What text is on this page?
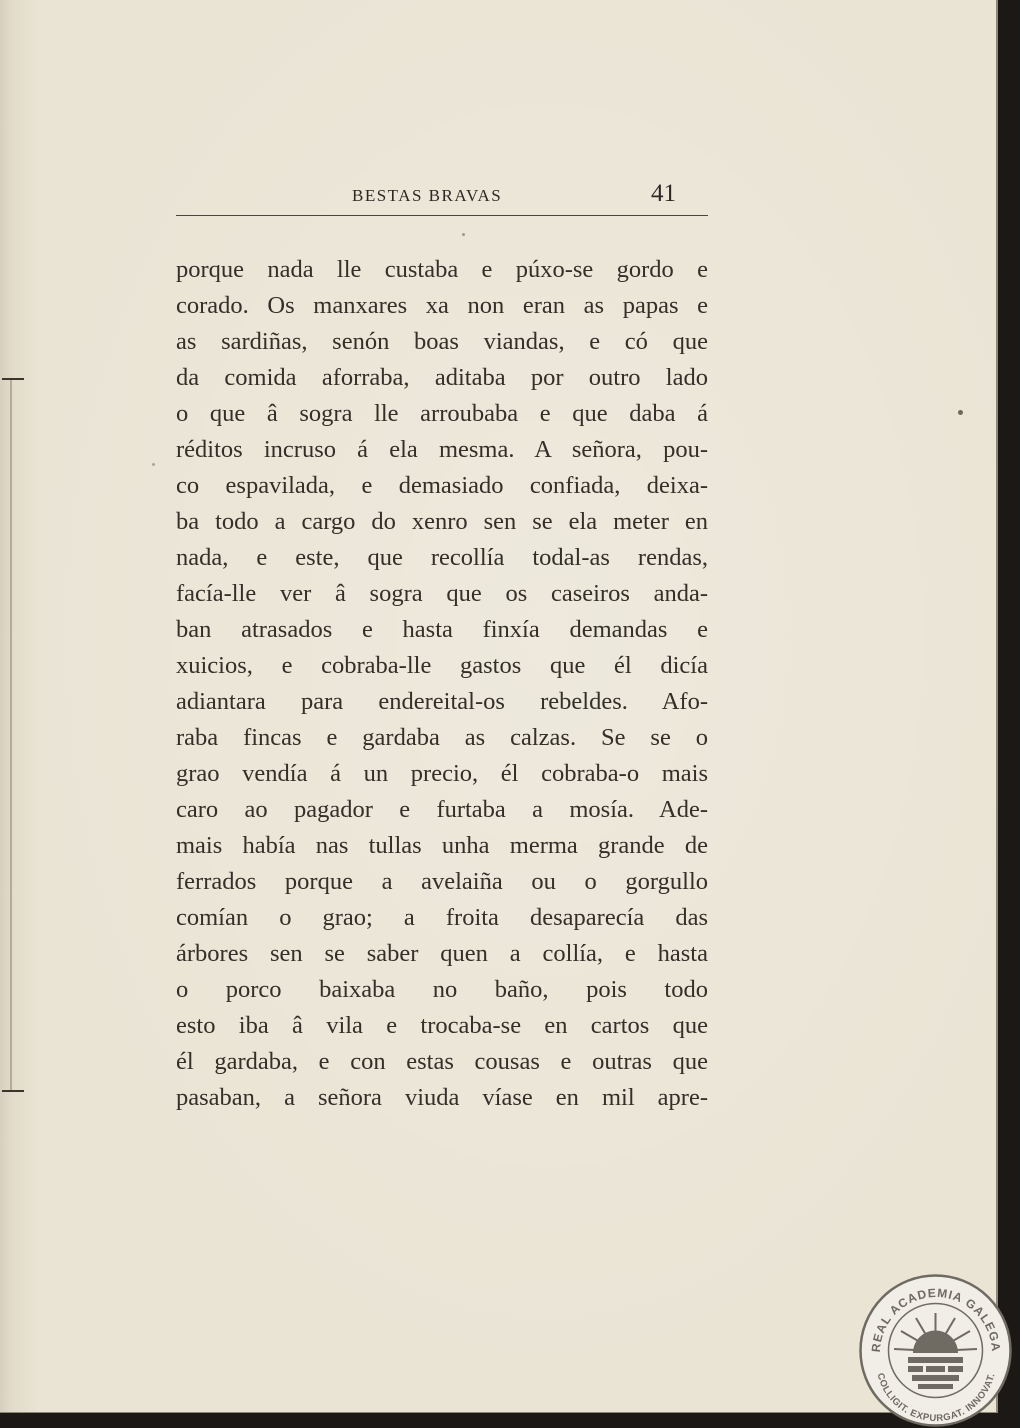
BESTAS BRAVAS	41
porque nada lle custaba e púxo-se gordo e
corado. Os manxares xa non eran as papas e
as sardiñas, senón boas viandas, e có que
da comida aforraba, aditaba por outro lado
o que â sogra lle arroubaba e que daba á
réditos incruso á ela mesma. A señora, pou-
co espavilada, e demasiado confiada, deixa-
ba todo a cargo do xenro sen se ela meter en
nada, e este, que recollía todal-as rendas,
facía-lle ver â sogra que os caseiros anda-
ban atrasados e hasta finxía demandas e
xuicios, e cobraba-lle gastos que él dicía
adiantara para endereital-os rebeldes. Afo-
raba fincas e gardaba as calzas. Se se o
grao vendía á un precio, él cobraba-o mais
caro ao pagador e furtaba a mosía. Ade-
mais había nas tullas unha merma grande de
ferrados porque a avelaiña ou o gorgullo
comían o grao; a froita desaparecía das
árbores sen se saber quen a collía, e hasta
o porco baixaba no baño, pois todo
esto iba â vila e trocaba-se en cartos que
él gardaba, e con estas cousas e outras que
pasaban, a señora viuda víase en mil apre-
REAL ACADEMIA GALEGA
COLLIGIT. EXPURGAT. INNOVAT.
